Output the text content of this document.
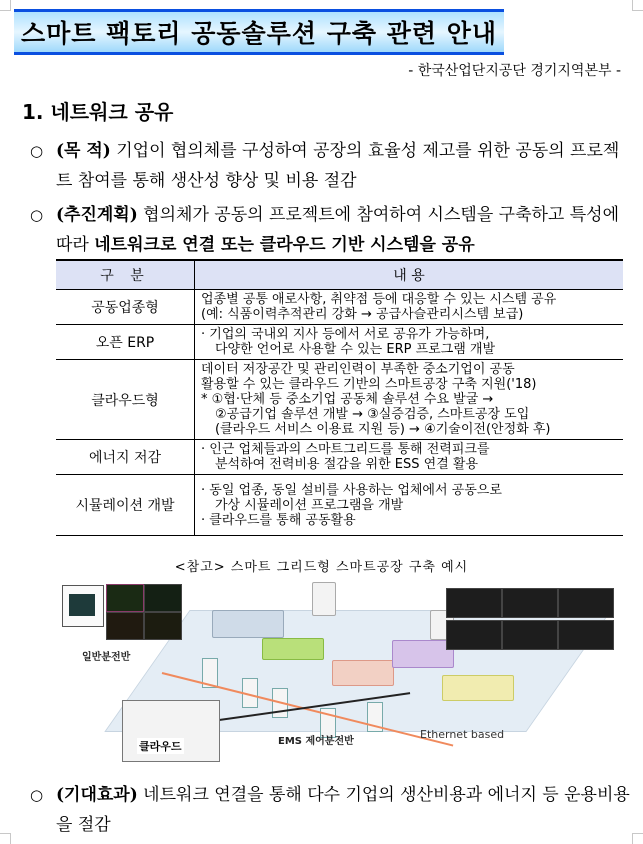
스마트 팩토리 공동솔루션 구축 관련 안내
- 한국산업단지공단 경기지역본부 -
1. 네트워크 공유
○ (목 적) 기업이 협의체를 구성하여 공장의 효율성 제고를 위한 공동의 프로젝트 참여를 통해 생산성 향상 및 비용 절감
○ (추진계획) 협의체가 공동의 프로젝트에 참여하여 시스템을 구축하고 특성에 따라 네트워크로 연결 또는 클라우드 기반 시스템을 공유
구 분	내 용
공동업종형	업종별 공통 애로사항, 취약점 등에 대응할 수 있는 시스템 공유
(예: 식품이력추적관리 강화 → 공급사슬관리시스템 보급)

오픈 ERP	· 기업의 국내외 지사 등에서 서로 공유가 가능하며,
다양한 언어로 사용할 수 있는 ERP 프로그램 개발

클라우드형	데이터 저장공간 및 관리인력이 부족한 중소기업이 공동
활용할 수 있는 클라우드 기반의 스마트공장 구축 지원('18)
* ①협·단체 등 중소기업 공동체 솔루션 수요 발굴 →
②공급기업 솔루션 개발 → ③실증검증, 스마트공장 도입
(클라우드 서비스 이용료 지원 등) → ④기술이전(안정화 후)

에너지 저감	· 인근 업체들과의 스마트그리드를 통해 전력피크를
분석하여 전력비용 절감을 위한 ESS 연결 활용

시뮬레이션 개발	· 동일 업종, 동일 설비를 사용하는 업체에서 공동으로
가상 시뮬레이션 프로그램을 개발
· 클라우드를 통해 공동활용
<참고> 스마트 그리드형 스마트공장 구축 예시
일반분전반
클라우드	EMS 제어분전반
Ethernet based
○ (기대효과) 네트워크 연결을 통해 다수 기업의 생산비용과 에너지 등 운용비용을 절감
